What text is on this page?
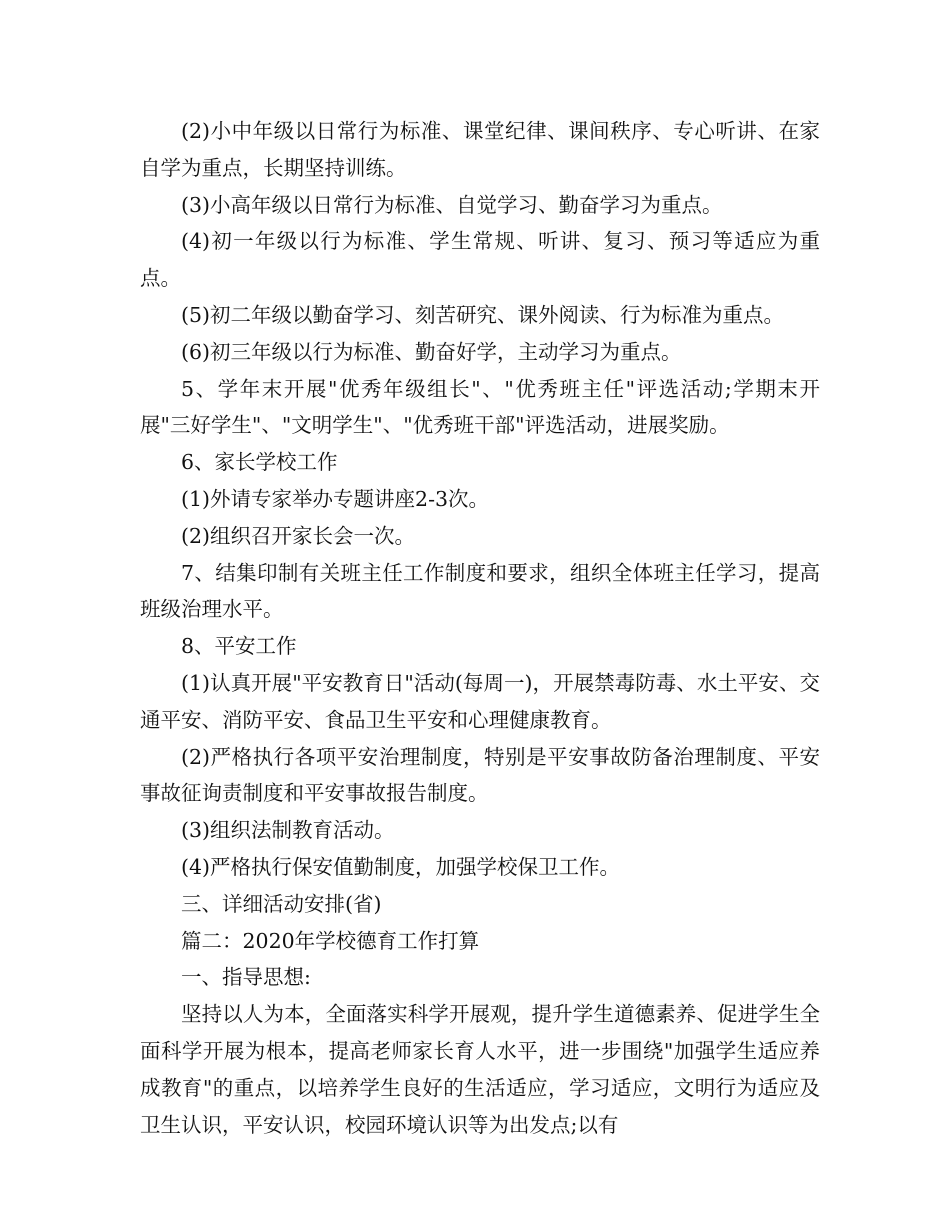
(2)小中年级以日常行为标准、课堂纪律、课间秩序、专心听讲、在家自学为重点，长期坚持训练。

(3)小高年级以日常行为标准、自觉学习、勤奋学习为重点。

(4)初一年级以行为标准、学生常规、听讲、复习、预习等适应为重点。

(5)初二年级以勤奋学习、刻苦研究、课外阅读、行为标准为重点。

(6)初三年级以行为标准、勤奋好学，主动学习为重点。

5、学年末开展"优秀年级组长"、"优秀班主任"评选活动;学期末开展"三好学生"、"文明学生"、"优秀班干部"评选活动，进展奖励。

6、家长学校工作

(1)外请专家举办专题讲座2-3次。

(2)组织召开家长会一次。

7、结集印制有关班主任工作制度和要求，组织全体班主任学习，提高班级治理水平。

8、平安工作

(1)认真开展"平安教育日"活动(每周一)，开展禁毒防毒、水土平安、交通平安、消防平安、食品卫生平安和心理健康教育。

(2)严格执行各项平安治理制度，特别是平安事故防备治理制度、平安事故征询责制度和平安事故报告制度。

(3)组织法制教育活动。

(4)严格执行保安值勤制度，加强学校保卫工作。

三、详细活动安排(省)

篇二：2020年学校德育工作打算

一、指导思想:

坚持以人为本，全面落实科学开展观，提升学生道德素养、促进学生全面科学开展为根本，提高老师家长育人水平，进一步围绕"加强学生适应养成教育"的重点，以培养学生良好的生活适应，学习适应，文明行为适应及卫生认识，平安认识，校园环境认识等为出发点;以有
